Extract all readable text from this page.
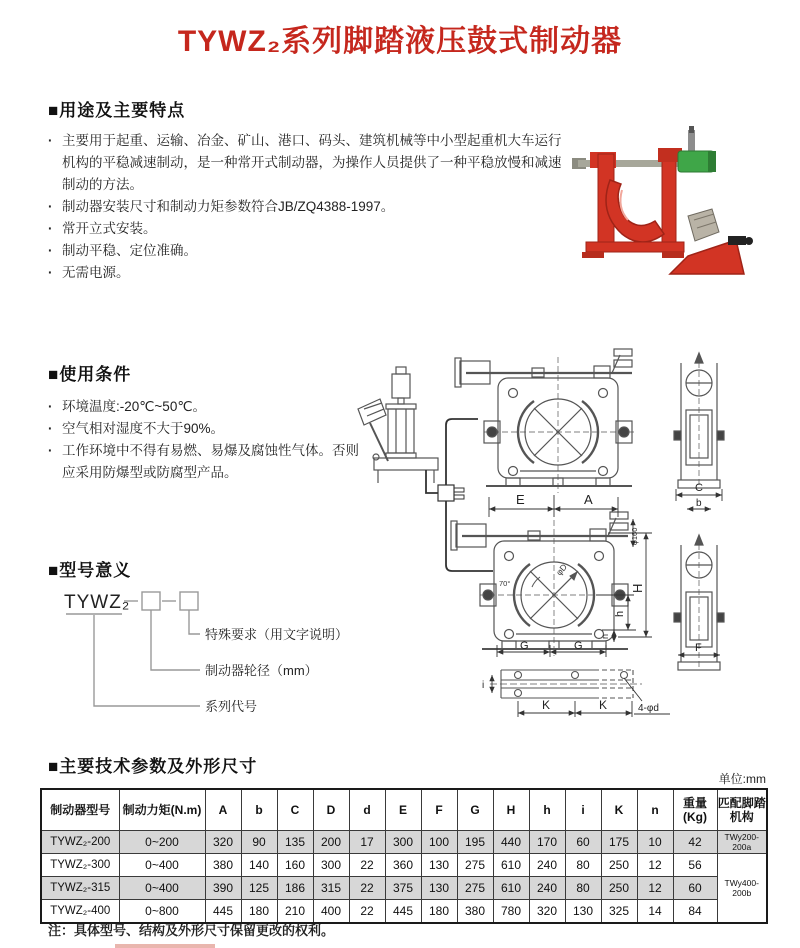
TYWZ₂系列脚踏液压鼓式制动器
■用途及主要特点
· 主要用于起重、运输、冶金、矿山、港口、码头、建筑机械等中小型起重机大车运行机构的平稳减速制动，是一种常开式制动器，为操作人员提供了一种平稳放慢和减速制动的方法。
· 制动器安装尺寸和制动力矩参数符合JB/ZQ4388-1997。
· 常开立式安装。
· 制动平稳、定位准确。
· 无需电源。
■使用条件
· 环境温度:-20℃~50℃。
· 空气相对湿度不大于90%。
· 工作环境中不得有易燃、易爆及腐蚀性气体。否则应采用防爆型或防腐型产品。
70°
φD
E	A
φ160
H
h
n
G	G
C
b
F
i
K	K	4-φd
■型号意义
TYWZ₂
特殊要求（用文字说明）
制动器轮径（mm）
系列代号
■主要技术参数及外形尺寸
单位:mm
制动器型号	制动力矩(N.m)	A	b	C	D	d	E	F	G	H	h	i	K	n	重量(Kg)	匹配脚踏机构
TYWZ₂-200	0~200	320	90	135	200	17	300	100	195	440	170	60	175	10	42	TWy200-200a
TYWZ₂-300	0~400	380	140	160	300	22	360	130	275	610	240	80	250	12	56	TWy400-200b
TYWZ₂-315	0~400	390	125	186	315	22	375	130	275	610	240	80	250	12	60	
TYWZ₂-400	0~800	445	180	210	400	22	445	180	380	780	320	130	325	14	84	
注：具体型号、结构及外形尺寸保留更改的权利。
